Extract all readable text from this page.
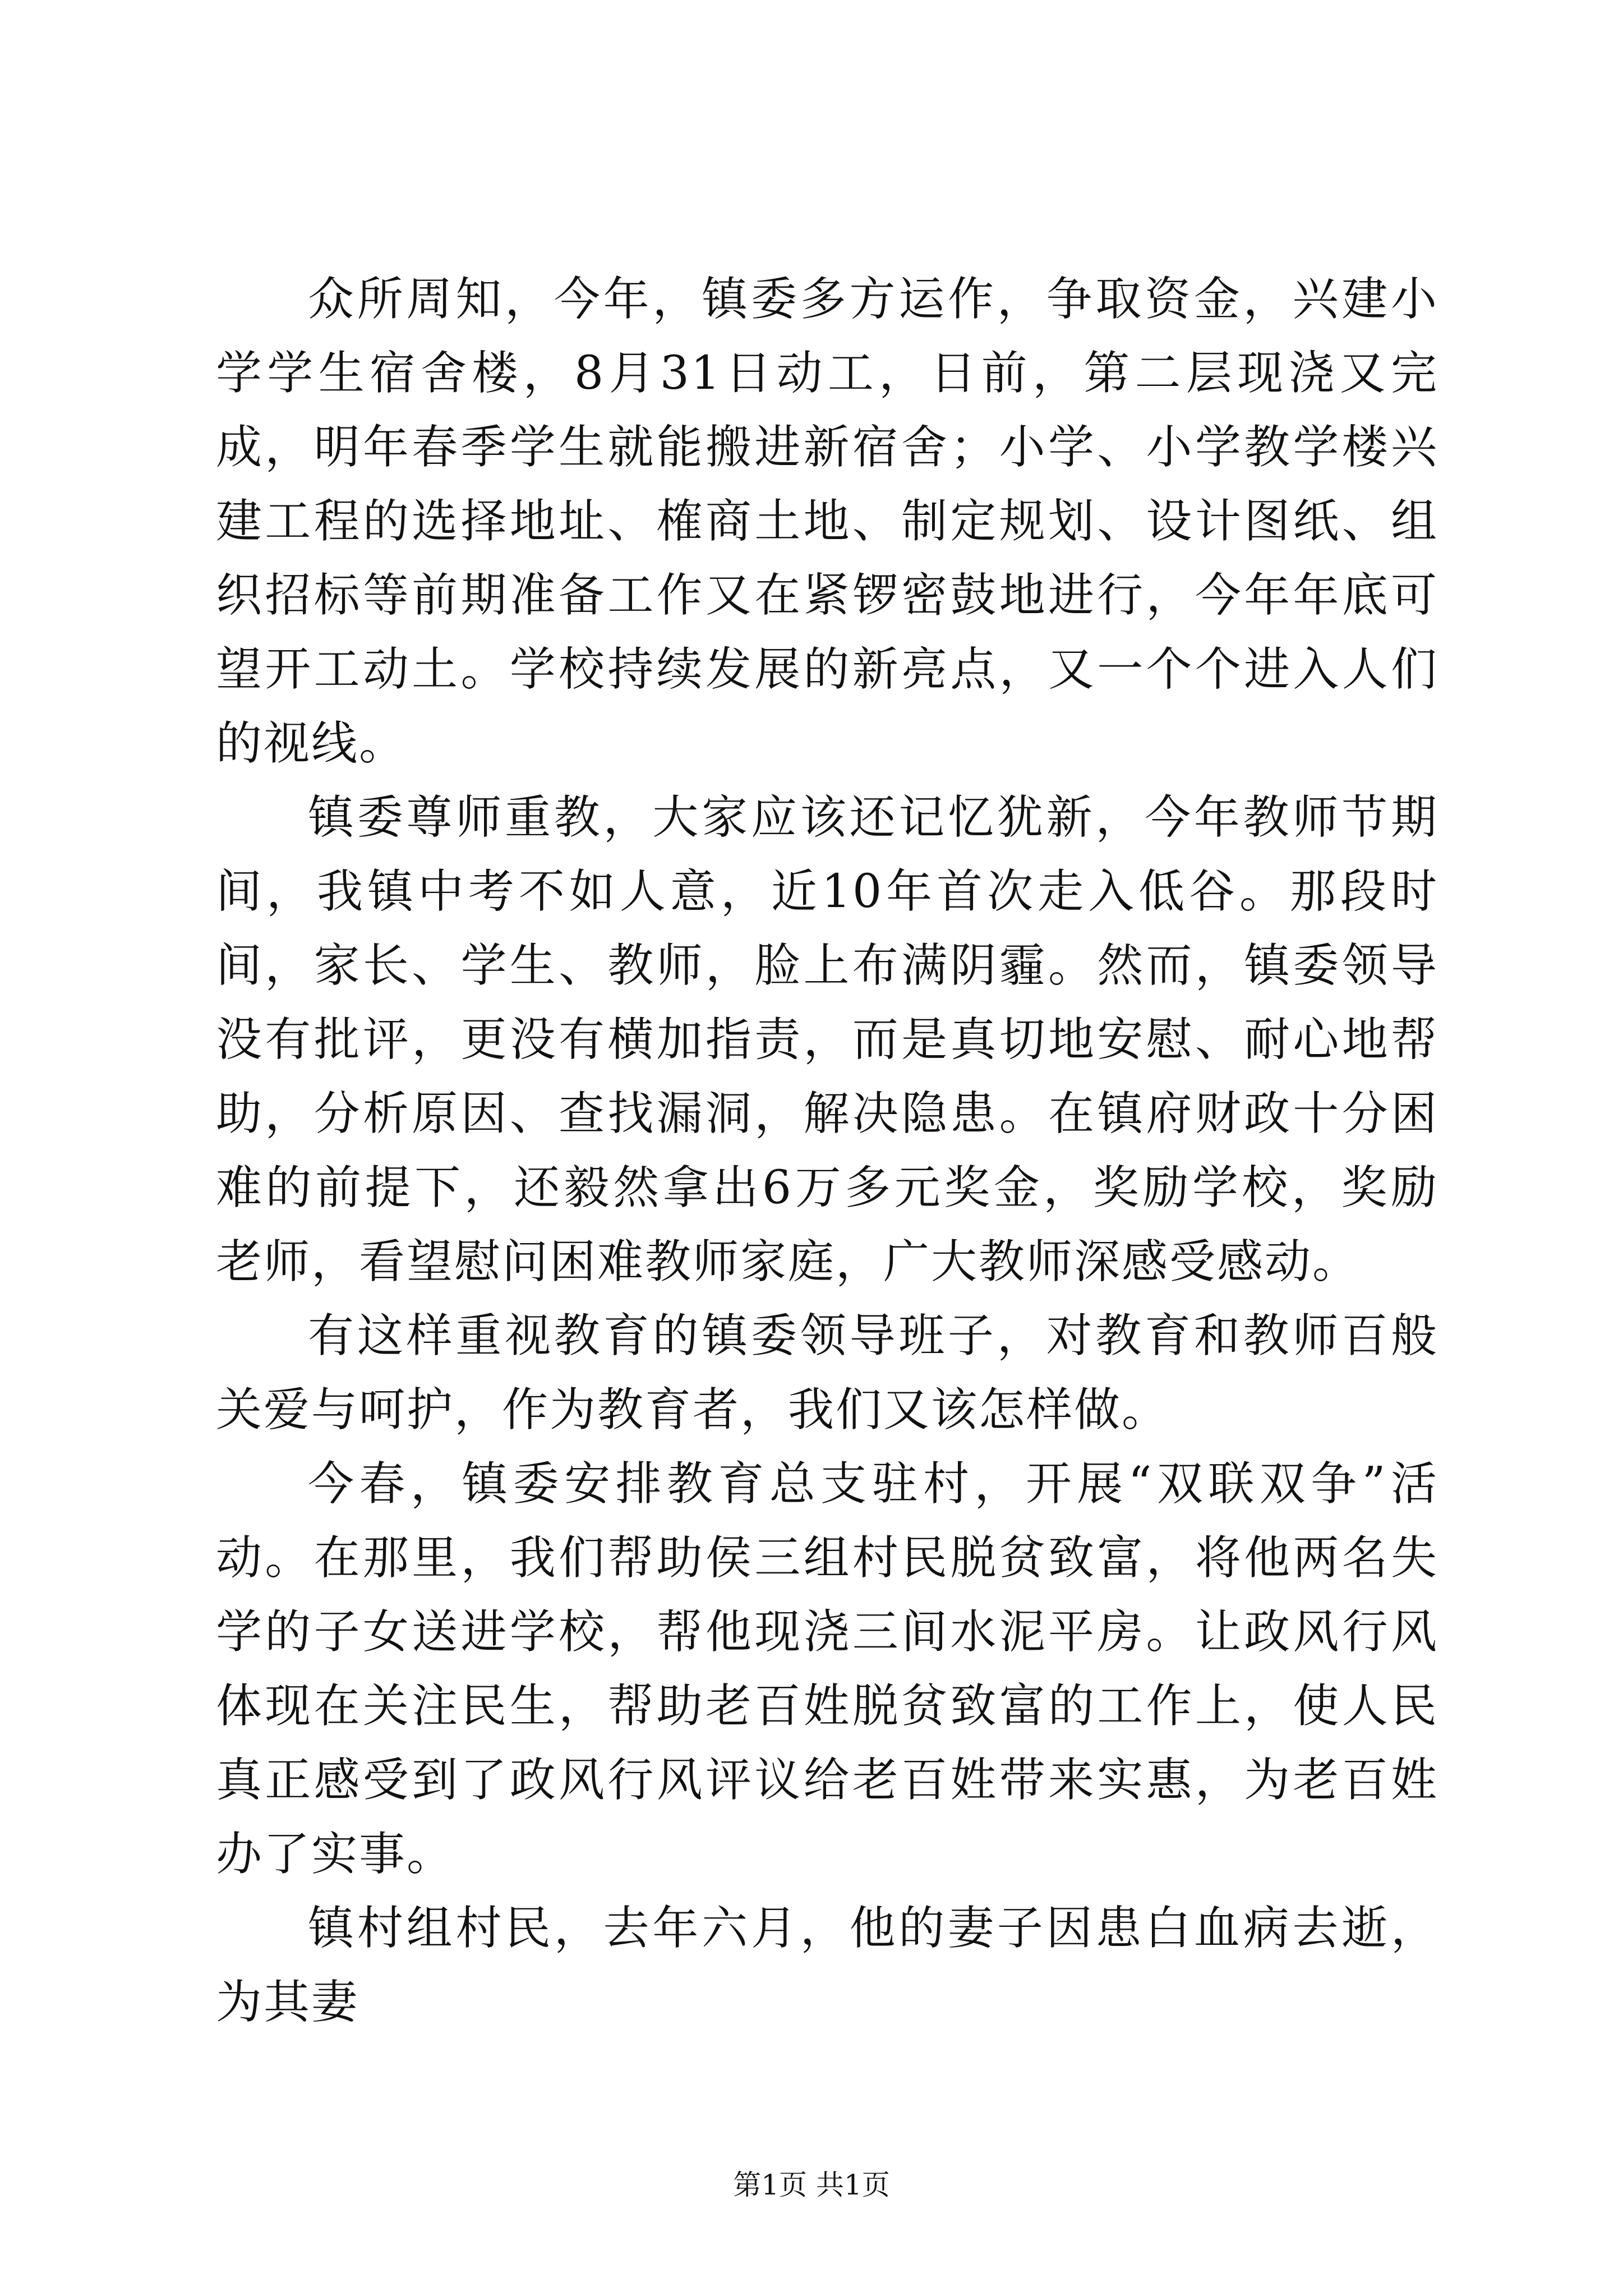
众所周知，今年，镇委多方运作，争取资金，兴建小学学生宿舍楼，8月31日动工，日前，第二层现浇又完成，明年春季学生就能搬进新宿舍；小学、小学教学楼兴建工程的选择地址、榷商土地、制定规划、设计图纸、组织招标等前期准备工作又在紧锣密鼓地进行，今年年底可望开工动土。学校持续发展的新亮点，又一个个进入人们的视线。

镇委尊师重教，大家应该还记忆犹新，今年教师节期间，我镇中考不如人意，近10年首次走入低谷。那段时间，家长、学生、教师，脸上布满阴霾。然而，镇委领导没有批评，更没有横加指责，而是真切地安慰、耐心地帮助，分析原因、查找漏洞，解决隐患。在镇府财政十分困难的前提下，还毅然拿出6万多元奖金，奖励学校，奖励老师，看望慰问困难教师家庭，广大教师深感受感动。

有这样重视教育的镇委领导班子，对教育和教师百般关爱与呵护，作为教育者，我们又该怎样做。

今春，镇委安排教育总支驻村，开展“双联双争”活动。在那里，我们帮助侯三组村民脱贫致富，将他两名失学的子女送进学校，帮他现浇三间水泥平房。让政风行风体现在关注民生，帮助老百姓脱贫致富的工作上，使人民真正感受到了政风行风评议给老百姓带来实惠，为老百姓办了实事。

镇村组村民，去年六月，他的妻子因患白血病去逝，为其妻

第1页 共1页
